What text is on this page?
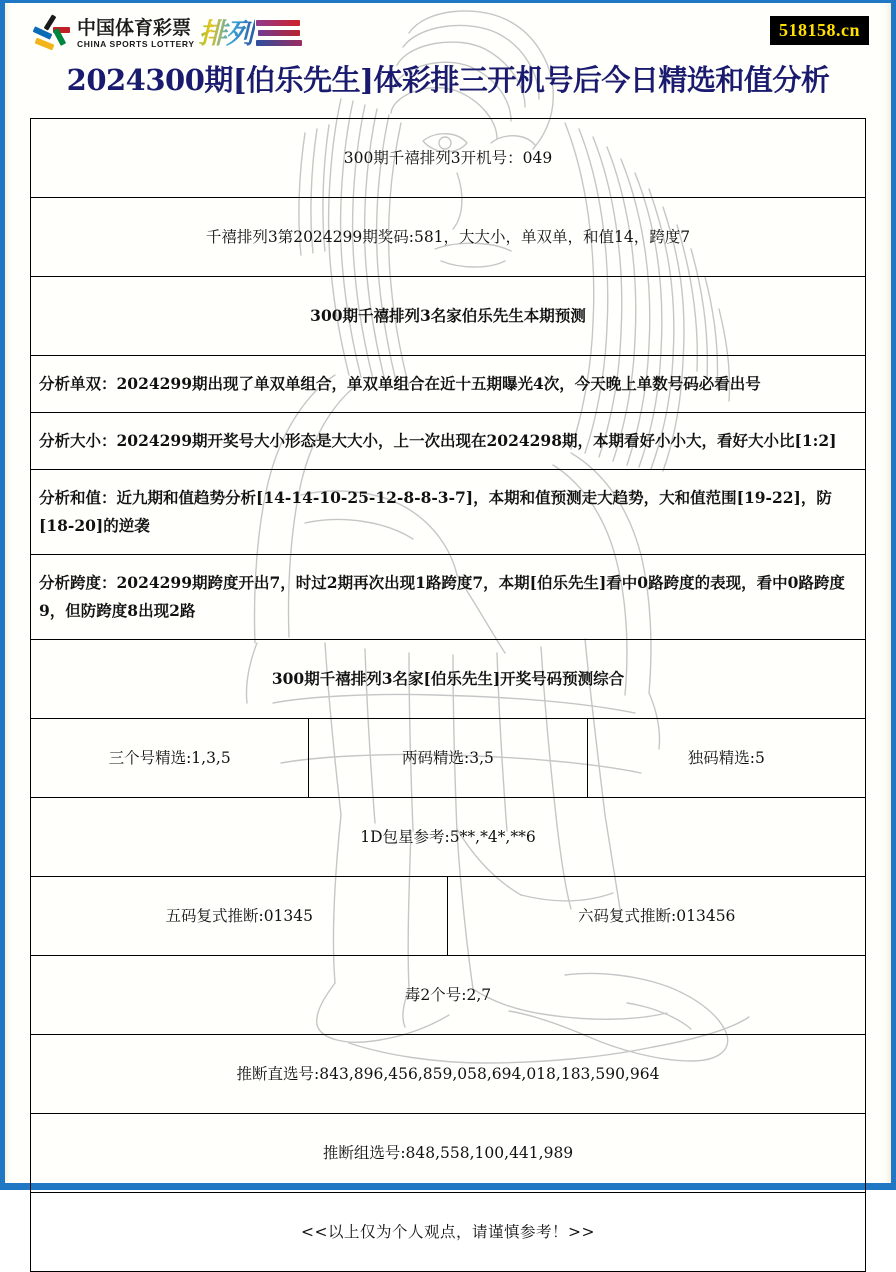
中国体育彩票
CHINA SPORTS LOTTERY 排列	518158.cn
2024300期[伯乐先生]体彩排三开机号后今日精选和值分析
300期千禧排列3开机号：049			
千禧排列3第2024299期奖码:581，大大小，单双单，和值14，跨度7			
300期千禧排列3名家伯乐先生本期预测			
分析单双：2024299期出现了单双单组合，单双单组合在近十五期曝光4次，今天晚上单数号码必看出号			
分析大小：2024299期开奖号大小形态是大大小，上一次出现在2024298期，本期看好小小大，看好大小比[1:2]			
分析和值：近九期和值趋势分析[14-14-10-25-12-8-8-3-7]，本期和值预测走大趋势，大和值范围[19-22]，防[18-20]的逆袭			
分析跨度：2024299期跨度开出7，时过2期再次出现1路跨度7，本期[伯乐先生]看中0路跨度的表现，看中0路跨度9，但防跨度8出现2路			
300期千禧排列3名家[伯乐先生]开奖号码预测综合			
三个号精选:1,3,5	两码精选:3,5		独码精选:5
1D包星参考:5**,*4*,**6			
五码复式推断:01345		六码复式推断:013456	
毒2个号:2,7			
推断直选号:843,896,456,859,058,694,018,183,590,964			
推断组选号:848,558,100,441,989			
<<以上仅为个人观点，请谨慎参考！>>			
